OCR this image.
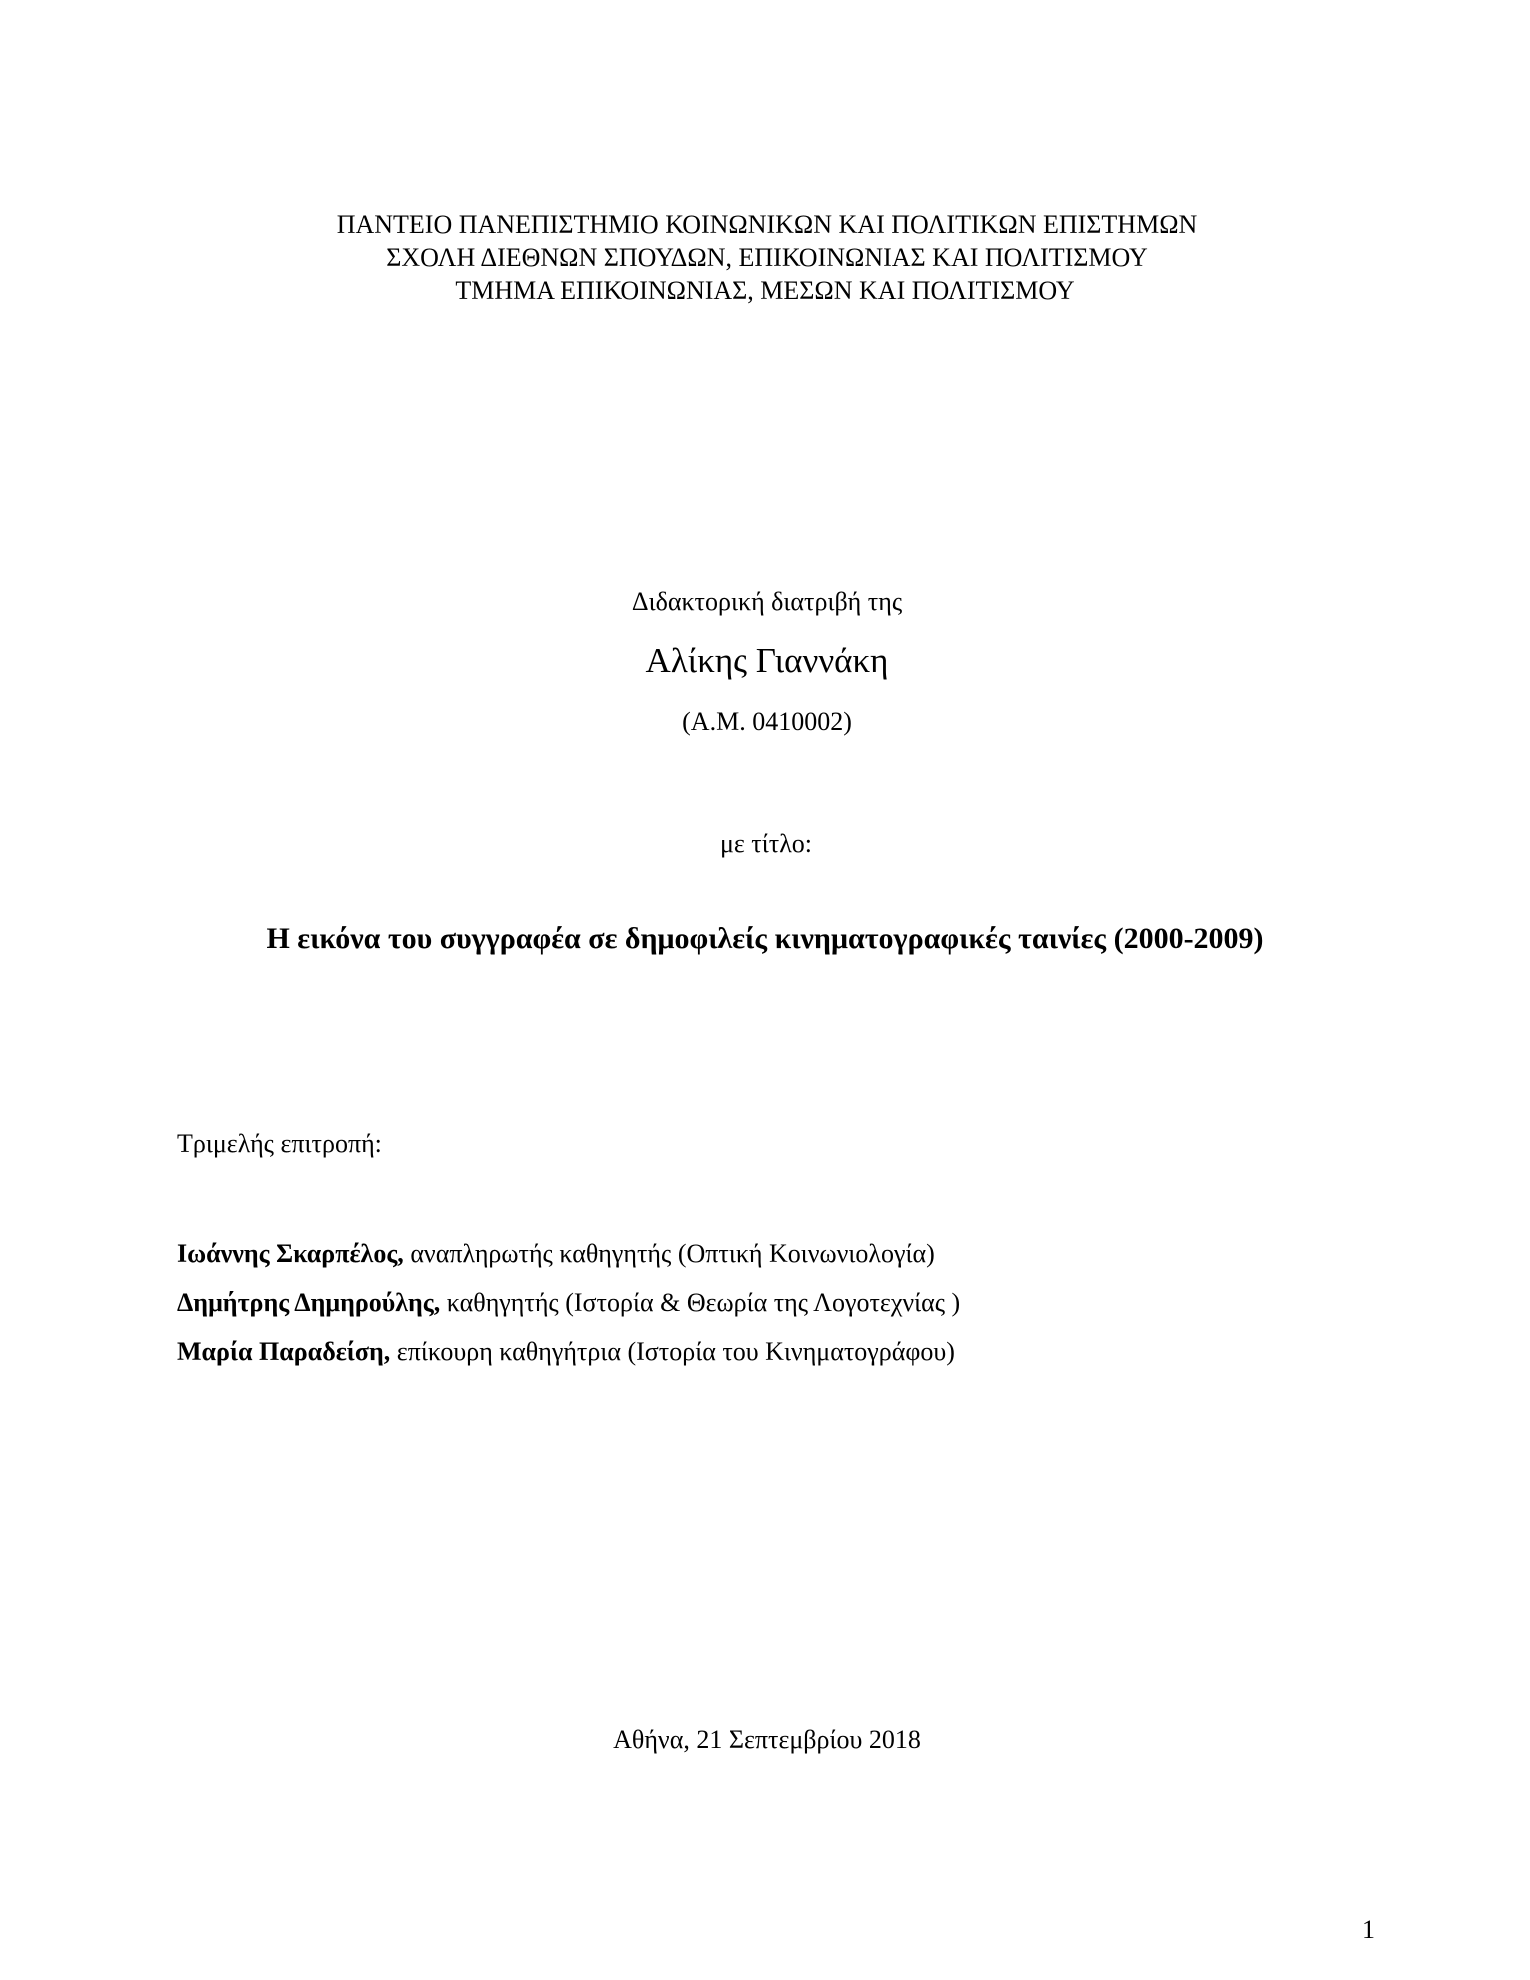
ΠΑΝΤΕΙΟ ΠΑΝΕΠΙΣΤΗΜΙΟ ΚΟΙΝΩΝΙΚΩΝ ΚΑΙ ΠΟΛΙΤΙΚΩΝ ΕΠΙΣΤΗΜΩΝ
ΣΧΟΛΗ ΔΙΕΘΝΩΝ ΣΠΟΥΔΩΝ, ΕΠΙΚΟΙΝΩΝΙΑΣ ΚΑΙ ΠΟΛΙΤΙΣΜΟΥ
ΤΜΗΜΑ ΕΠΙΚΟΙΝΩΝΙΑΣ, ΜΕΣΩΝ ΚΑΙ ΠΟΛΙΤΙΣΜΟΥ
Διδακτορική διατριβή της
Αλίκης Γιαννάκη
(Α.Μ. 0410002)
με τίτλο:
Η εικόνα του συγγραφέα σε δημοφιλείς κινηματογραφικές ταινίες (2000-2009)
Τριμελής επιτροπή:
Ιωάννης Σκαρπέλος, αναπληρωτής καθηγητής (Οπτική Κοινωνιολογία)
Δημήτρης Δημηρούλης, καθηγητής (Ιστορία & Θεωρία της Λογοτεχνίας )
Μαρία Παραδείση, επίκουρη καθηγήτρια (Ιστορία του Κινηματογράφου)
Αθήνα, 21 Σεπτεμβρίου 2018
1
